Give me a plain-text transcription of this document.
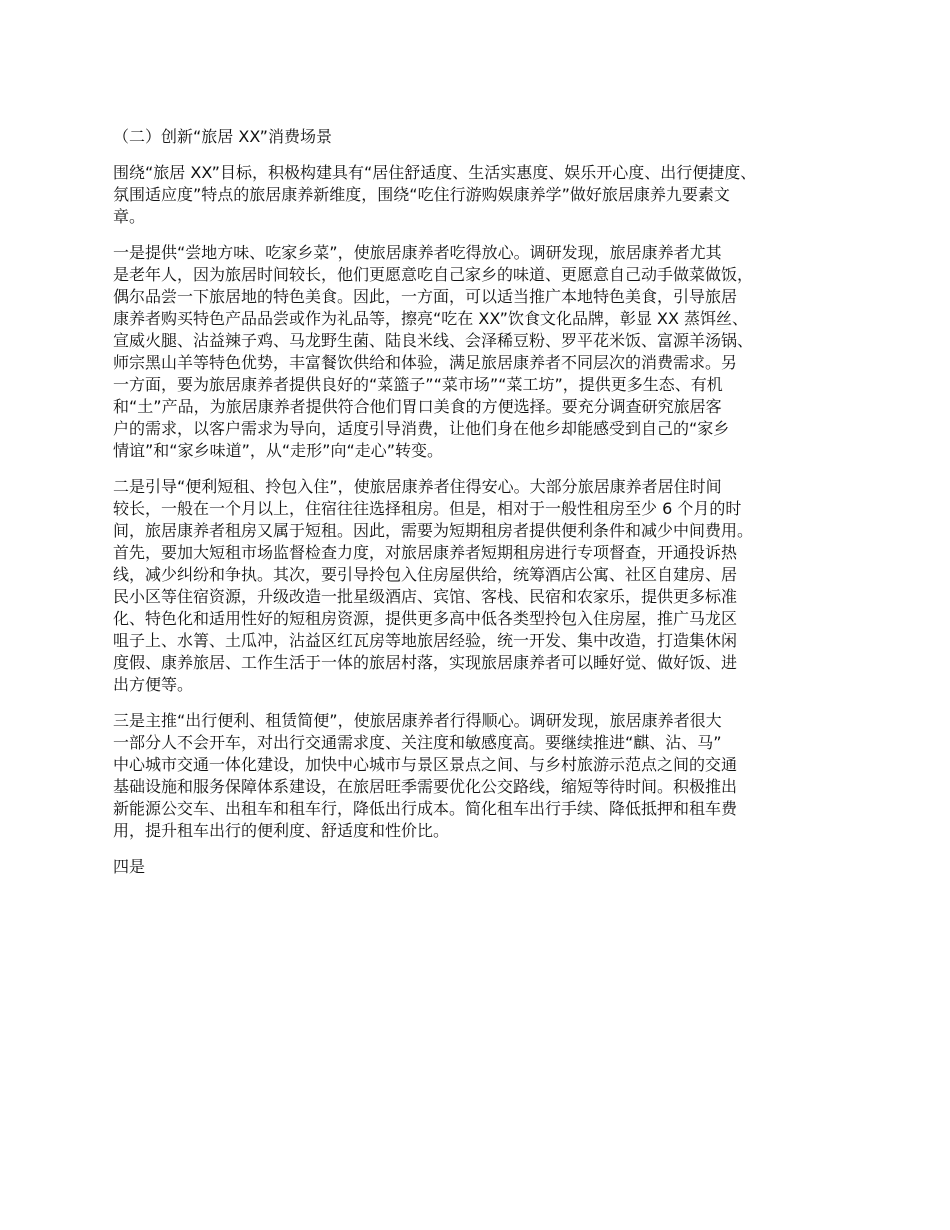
（二）创新“旅居 XX”消费场景
围绕“旅居 XX”目标，积极构建具有“居住舒适度、生活实惠度、娱乐开心度、出行便捷度、
氛围适应度”特点的旅居康养新维度，围绕“吃住行游购娱康养学”做好旅居康养九要素文
章。
一是提供“尝地方味、吃家乡菜”，使旅居康养者吃得放心。调研发现，旅居康养者尤其
是老年人，因为旅居时间较长，他们更愿意吃自己家乡的味道、更愿意自己动手做菜做饭，
偶尔品尝一下旅居地的特色美食。因此，一方面，可以适当推广本地特色美食，引导旅居
康养者购买特色产品品尝或作为礼品等，擦亮“吃在 XX”饮食文化品牌，彰显 XX 蒸饵丝、
宣威火腿、沾益辣子鸡、马龙野生菌、陆良米线、会泽稀豆粉、罗平花米饭、富源羊汤锅、
师宗黑山羊等特色优势，丰富餐饮供给和体验，满足旅居康养者不同层次的消费需求。另
一方面，要为旅居康养者提供良好的“菜篮子”“菜市场”“菜工坊”，提供更多生态、有机
和“土”产品，为旅居康养者提供符合他们胃口美食的方便选择。要充分调查研究旅居客
户的需求，以客户需求为导向，适度引导消费，让他们身在他乡却能感受到自己的“家乡
情谊”和“家乡味道”，从“走形”向“走心”转变。
二是引导“便利短租、拎包入住”，使旅居康养者住得安心。大部分旅居康养者居住时间
较长，一般在一个月以上，住宿往往选择租房。但是，相对于一般性租房至少 6 个月的时
间，旅居康养者租房又属于短租。因此，需要为短期租房者提供便利条件和减少中间费用。
首先，要加大短租市场监督检查力度，对旅居康养者短期租房进行专项督查，开通投诉热
线，减少纠纷和争执。其次，要引导拎包入住房屋供给，统筹酒店公寓、社区自建房、居
民小区等住宿资源，升级改造一批星级酒店、宾馆、客栈、民宿和农家乐，提供更多标准
化、特色化和适用性好的短租房资源，提供更多高中低各类型拎包入住房屋，推广马龙区
咀子上、水箐、土瓜冲，沾益区红瓦房等地旅居经验，统一开发、集中改造，打造集休闲
度假、康养旅居、工作生活于一体的旅居村落，实现旅居康养者可以睡好觉、做好饭、进
出方便等。
三是主推“出行便利、租赁简便”，使旅居康养者行得顺心。调研发现，旅居康养者很大
一部分人不会开车，对出行交通需求度、关注度和敏感度高。要继续推进“麒、沾、马”
中心城市交通一体化建设，加快中心城市与景区景点之间、与乡村旅游示范点之间的交通
基础设施和服务保障体系建设，在旅居旺季需要优化公交路线，缩短等待时间。积极推出
新能源公交车、出租车和租车行，降低出行成本。简化租车出行手续、降低抵押和租车费
用，提升租车出行的便利度、舒适度和性价比。
四是
